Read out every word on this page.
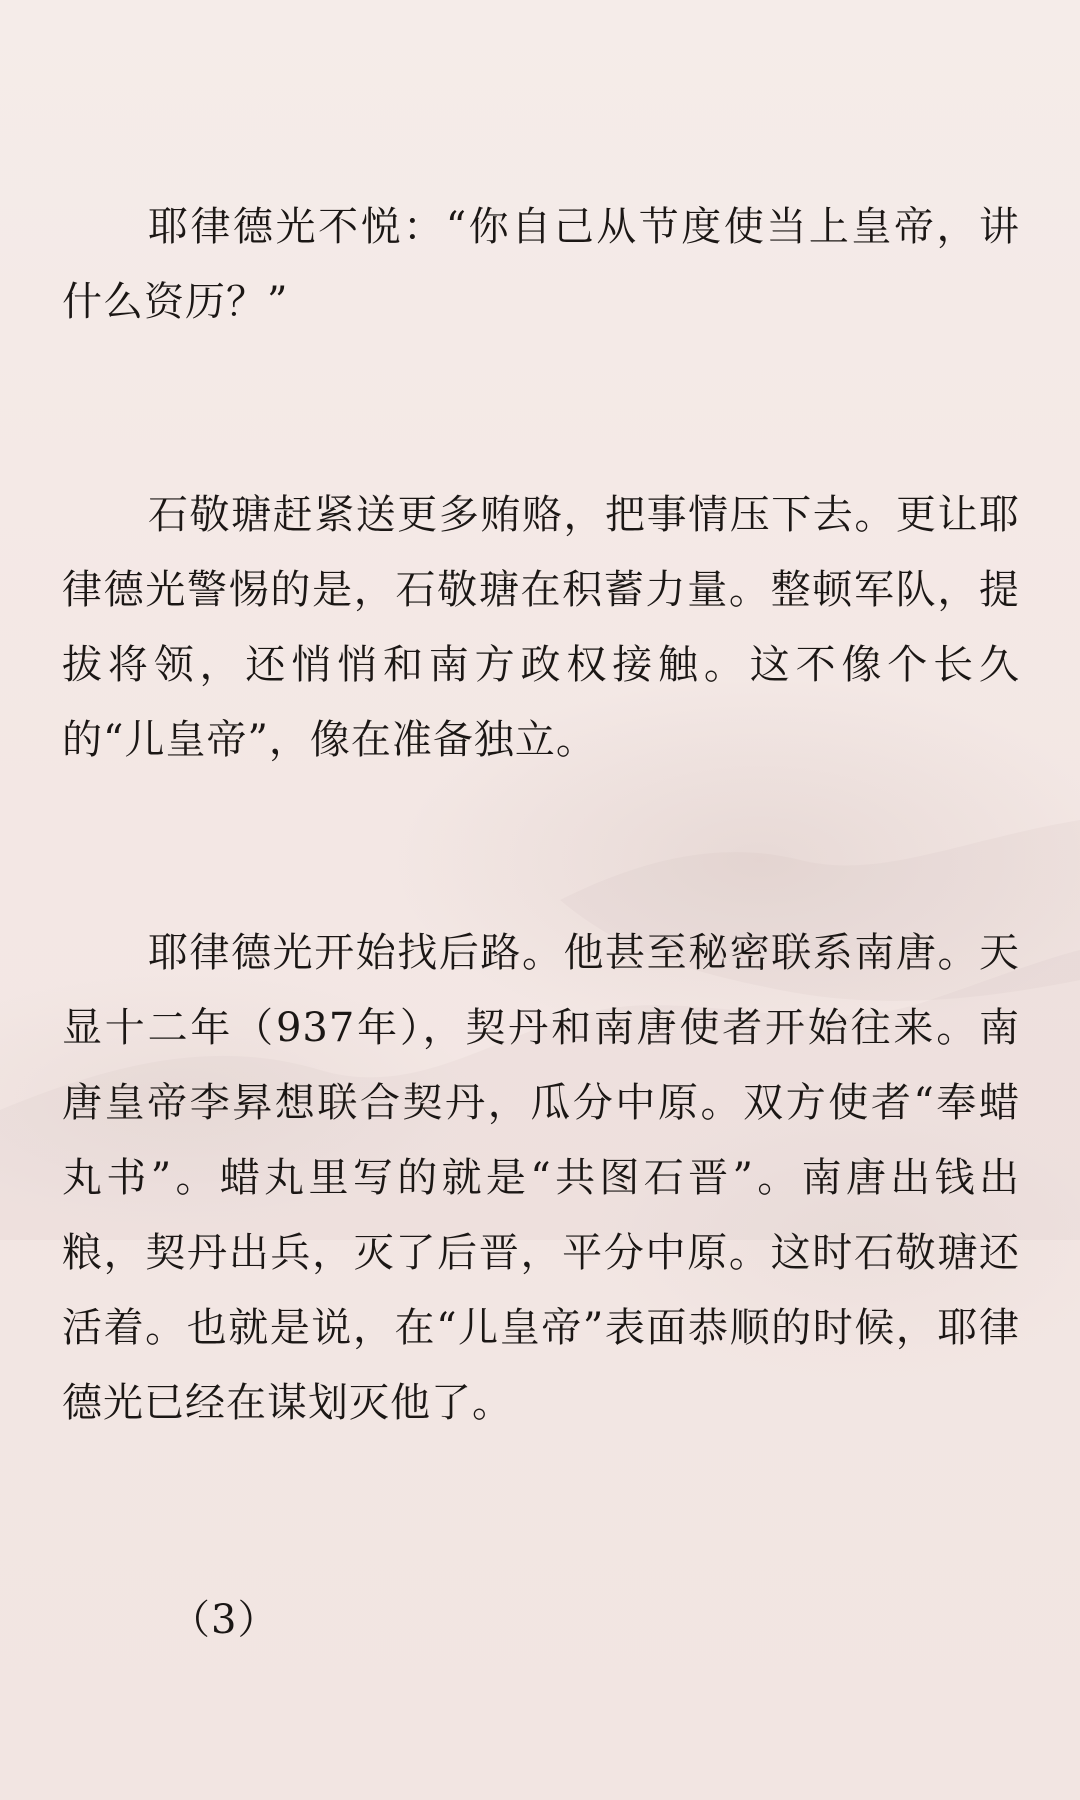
耶律德光不悦：“你自己从节度使当上皇帝，讲什么资历？”

石敬瑭赶紧送更多贿赂，把事情压下去。更让耶律德光警惕的是，石敬瑭在积蓄力量。整顿军队，提拔将领，还悄悄和南方政权接触。这不像个长久的“儿皇帝”，像在准备独立。

耶律德光开始找后路。他甚至秘密联系南唐。天显十二年（937年），契丹和南唐使者开始往来。南唐皇帝李昪想联合契丹，瓜分中原。双方使者“奉蜡丸书”。蜡丸里写的就是“共图石晋”。南唐出钱出粮，契丹出兵，灭了后晋，平分中原。这时石敬瑭还活着。也就是说，在“儿皇帝”表面恭顺的时候，耶律德光已经在谋划灭他了。

（3）
